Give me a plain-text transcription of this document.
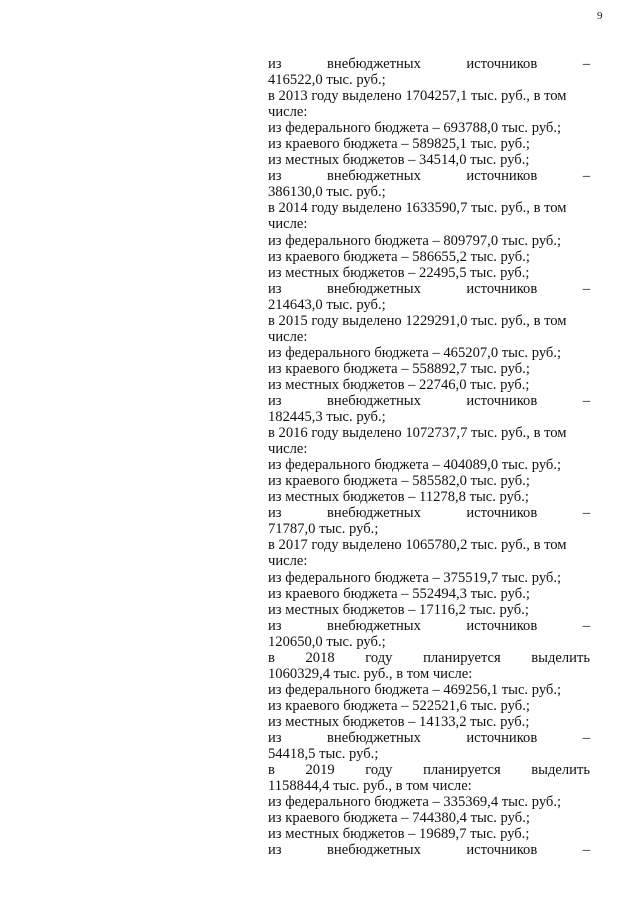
9
из	внебюджетных	источников	–
416522,0 тыс. руб.;
в 2013 году выделено 1704257,1 тыс. руб., в том
числе:
из федерального бюджета – 693788,0 тыс. руб.;
из краевого бюджета – 589825,1 тыс. руб.;
из местных бюджетов – 34514,0 тыс. руб.;
из	внебюджетных	источников	–
386130,0 тыс. руб.;
в 2014 году выделено 1633590,7 тыс. руб., в том
числе:
из федерального бюджета – 809797,0 тыс. руб.;
из краевого бюджета – 586655,2 тыс. руб.;
из местных бюджетов – 22495,5 тыс. руб.;
из	внебюджетных	источников	–
214643,0 тыс. руб.;
в 2015 году выделено 1229291,0 тыс. руб., в том
числе:
из федерального бюджета – 465207,0 тыс. руб.;
из краевого бюджета – 558892,7 тыс. руб.;
из местных бюджетов – 22746,0 тыс. руб.;
из	внебюджетных	источников	–
182445,3 тыс. руб.;
в 2016 году выделено 1072737,7 тыс. руб., в том
числе:
из федерального бюджета – 404089,0 тыс. руб.;
из краевого бюджета – 585582,0 тыс. руб.;
из местных бюджетов – 11278,8 тыс. руб.;
из	внебюджетных	источников	–
71787,0 тыс. руб.;
в 2017 году выделено 1065780,2 тыс. руб., в том
числе:
из федерального бюджета – 375519,7 тыс. руб.;
из краевого бюджета – 552494,3 тыс. руб.;
из местных бюджетов – 17116,2 тыс. руб.;
из	внебюджетных	источников	–
120650,0 тыс. руб.;
в 2018 году планируется выделить
1060329,4 тыс. руб., в том числе:
из федерального бюджета – 469256,1 тыс. руб.;
из краевого бюджета – 522521,6 тыс. руб.;
из местных бюджетов – 14133,2 тыс. руб.;
из	внебюджетных	источников	–
54418,5 тыс. руб.;
в 2019 году планируется выделить
1158844,4 тыс. руб., в том числе:
из федерального бюджета – 335369,4 тыс. руб.;
из краевого бюджета – 744380,4 тыс. руб.;
из местных бюджетов – 19689,7 тыс. руб.;
из	внебюджетных	источников	–
